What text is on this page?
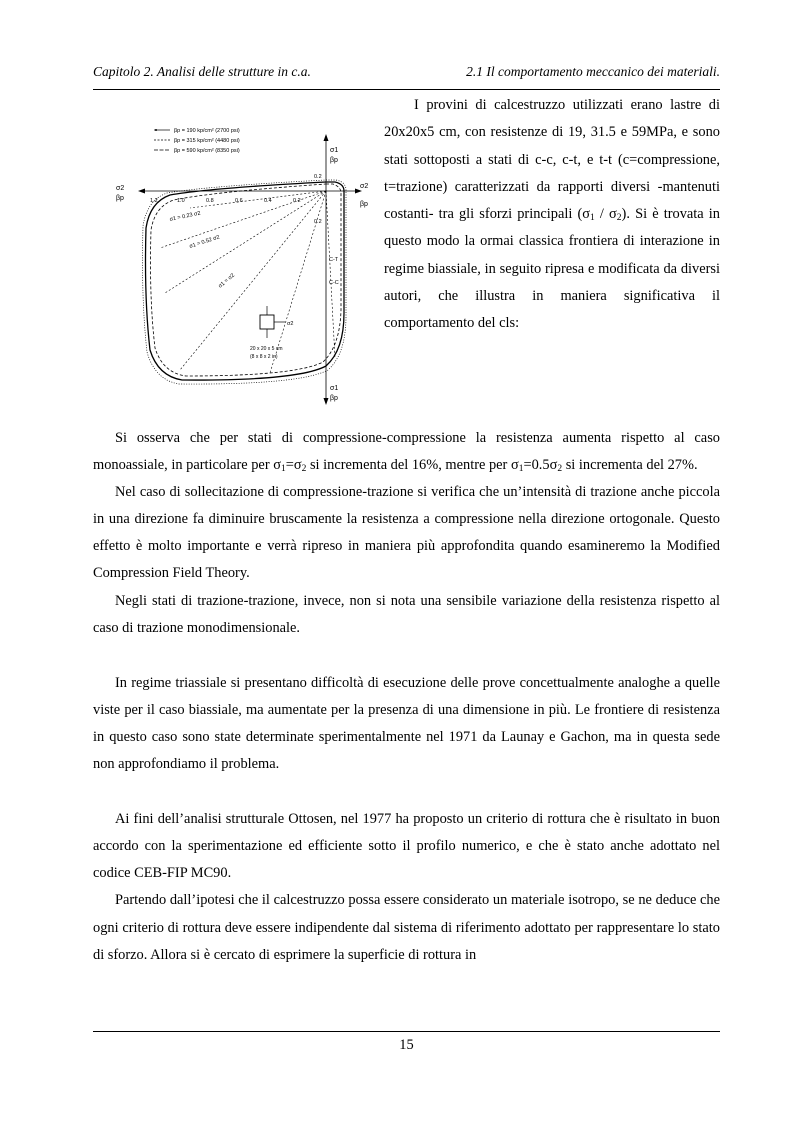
Capitolo 2. Analisi delle strutture in c.a.	2.1 Il comportamento meccanico dei materiali.
βp = 190 kp/cm² (2700 psi)
βp = 315 kp/cm² (4480 psi)
βp = 590 kp/cm² (8350 psi)	σ1
βp
σ2
βp
σ2
βp
σ1
βp
1.2	1.0	0.8	0.6	0.4	0.2
0.2
0.2
σ1 = 0.23 σ2
σ1 = 0.52 σ2
σ1 = σ2
σ2
20 x 20 x 5 cm
(8 x 8 x 2 in)
C-T
C-C

I provini di calcestruzzo utilizzati erano lastre di 20x20x5 cm, con resistenze di 19, 31.5 e 59MPa, e sono stati sottoposti a stati di c-c, c-t, e t-t (c=compressione, t=trazione) caratterizzati da rapporti diversi -mantenuti costanti- tra gli sforzi principali $(\sigma_1 / \sigma_2)$. Si è trovata in questo modo la ormai classica frontiera di interazione in regime biassiale, in seguito ripresa e modificata da diversi autori, che illustra in maniera significativa il comportamento del cls:

Si osserva che per stati di compressione-compressione la resistenza aumenta rispetto al caso monoassiale, in particolare per $\sigma_1=\sigma_2$ si incrementa del 16%, mentre per $\sigma_1=0.5\sigma_2$ si incrementa del 27%.

Nel caso di sollecitazione di compressione-trazione si verifica che un’intensità di trazione anche piccola in una direzione fa diminuire bruscamente la resistenza a compressione nella direzione ortogonale. Questo effetto è molto importante e verrà ripreso in maniera più approfondita quando esamineremo la Modified Compression Field Theory.

Negli stati di trazione-trazione, invece, non si nota una sensibile variazione della resistenza rispetto al caso di trazione monodimensionale.

In regime triassiale si presentano difficoltà di esecuzione delle prove concettualmente analoghe a quelle viste per il caso biassiale, ma aumentate per la presenza di una dimensione in più. Le frontiere di resistenza in questo caso sono state determinate sperimentalmente nel 1971 da Launay e Gachon, ma in questa sede non approfondiamo il problema.

Ai fini dell’analisi strutturale Ottosen, nel 1977 ha proposto un criterio di rottura che è risultato in buon accordo con la sperimentazione ed efficiente sotto il profilo numerico, e che è stato anche adottato nel codice CEB-FIP MC90.

Partendo dall’ipotesi che il calcestruzzo possa essere considerato un materiale isotropo, se ne deduce che ogni criterio di rottura deve essere indipendente dal sistema di riferimento adottato per rappresentare lo stato di sforzo. Allora si è cercato di esprimere la superficie di rottura in

15
